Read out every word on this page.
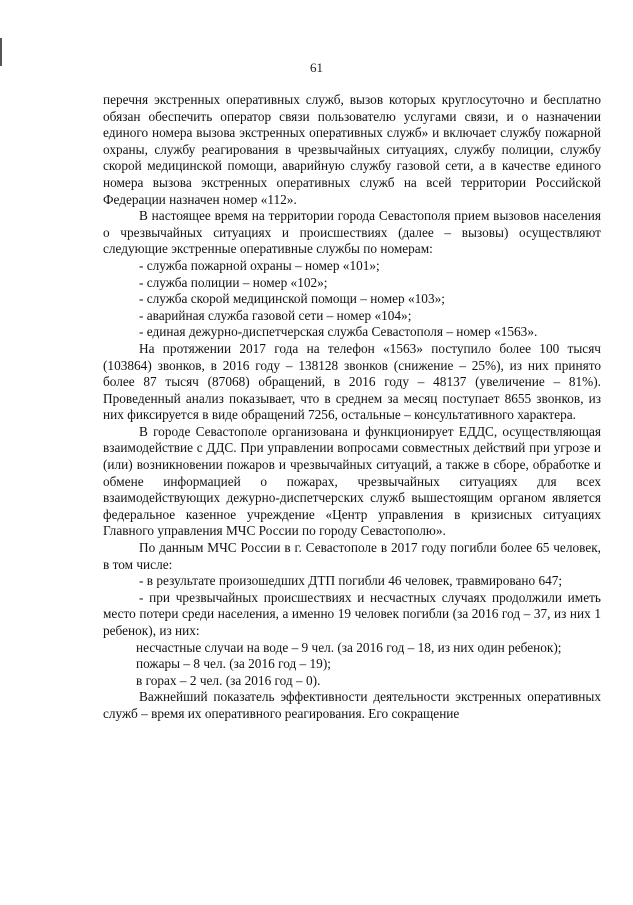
61

перечня экстренных оперативных служб, вызов которых круглосуточно и бесплатно обязан обеспечить оператор связи пользователю услугами связи, и о назначении единого номера вызова экстренных оперативных служб» и включает службу пожарной охраны, службу реагирования в чрезвычайных ситуациях, службу полиции, службу скорой медицинской помощи, аварийную службу газовой сети, а в качестве единого номера вызова экстренных оперативных служб на всей территории Российской Федерации назначен номер «112».

В настоящее время на территории города Севастополя прием вызовов населения о чрезвычайных ситуациях и происшествиях (далее – вызовы) осуществляют следующие экстренные оперативные службы по номерам:

- служба пожарной охраны – номер «101»;

- служба полиции – номер «102»;

- служба скорой медицинской помощи – номер «103»;

- аварийная служба газовой сети – номер «104»;

- единая дежурно-диспетчерская служба Севастополя – номер «1563».

На протяжении 2017 года на телефон «1563» поступило более 100 тысяч (103864) звонков, в 2016 году – 138128 звонков (снижение – 25%), из них принято более 87 тысяч (87068) обращений, в 2016 году – 48137 (увеличение – 81%). Проведенный анализ показывает, что в среднем за месяц поступает 8655 звонков, из них фиксируется в виде обращений 7256, остальные – консультативного характера.

В городе Севастополе организована и функционирует ЕДДС, осуществляющая взаимодействие с ДДС. При управлении вопросами совместных действий при угрозе и (или) возникновении пожаров и чрезвычайных ситуаций, а также в сборе, обработке и обмене информацией о пожарах, чрезвычайных ситуациях для всех взаимодействующих дежурно-диспетчерских служб вышестоящим органом является федеральное казенное учреждение «Центр управления в кризисных ситуациях Главного управления МЧС России по городу Севастополю».

По данным МЧС России в г. Севастополе в 2017 году погибли более 65 человек, в том числе:

- в результате произошедших ДТП погибли 46 человек, травмировано 647;

- при чрезвычайных происшествиях и несчастных случаях продолжили иметь место потери среди населения, а именно 19 человек погибли (за 2016 год – 37, из них 1 ребенок), из них:

несчастные случаи на воде – 9 чел. (за 2016 год – 18, из них один ребенок);

пожары – 8 чел. (за 2016 год – 19);

в горах – 2 чел. (за 2016 год – 0).

Важнейший показатель эффективности деятельности экстренных оперативных служб – время их оперативного реагирования. Его сокращение
